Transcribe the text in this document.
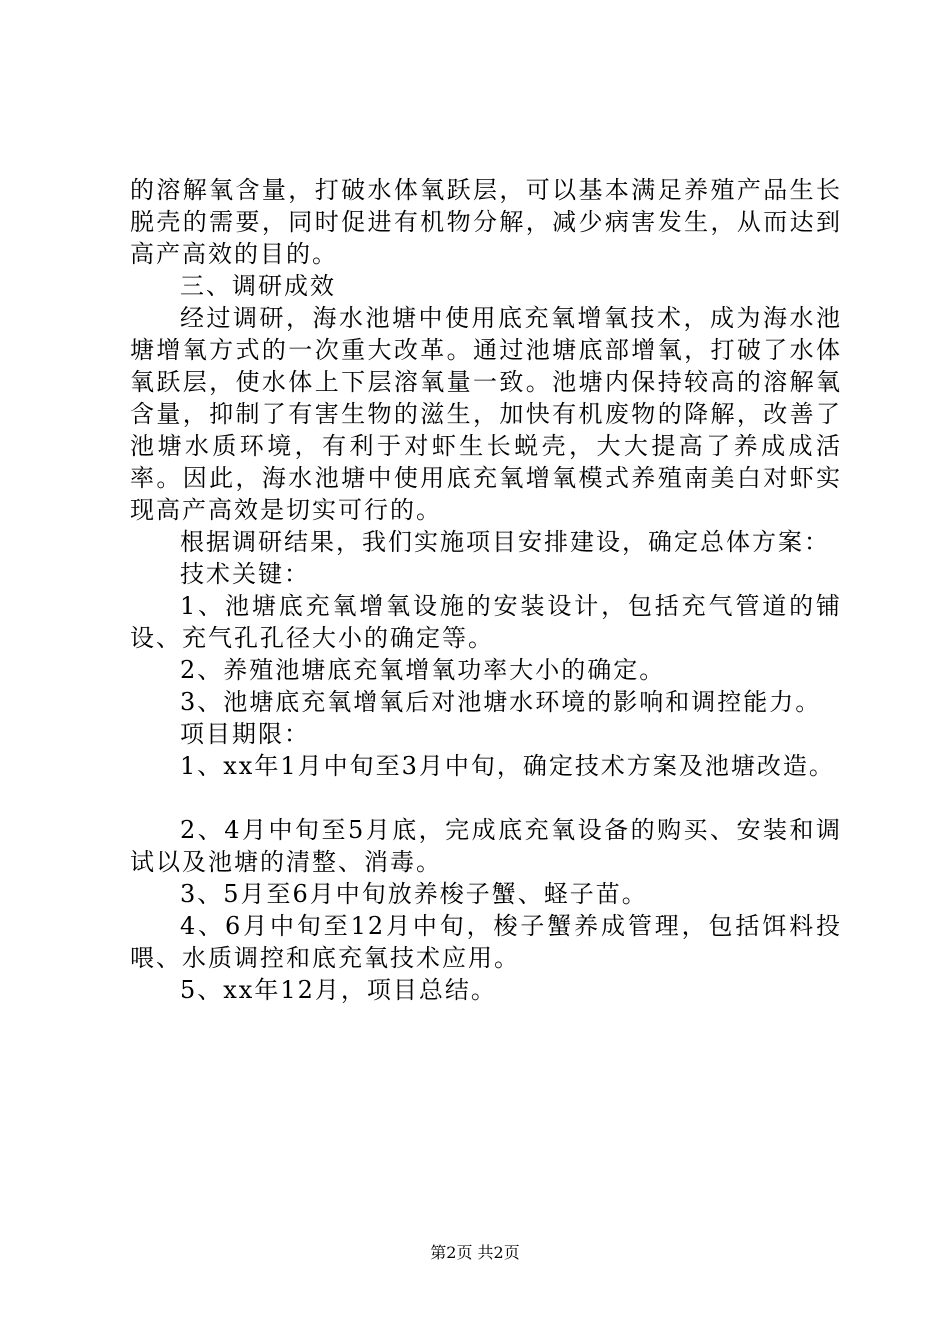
的溶解氧含量，打破水体氧跃层，可以基本满足养殖产品生长脱壳的需要，同时促进有机物分解，减少病害发生，从而达到高产高效的目的。

三、调研成效

经过调研，海水池塘中使用底充氧增氧技术，成为海水池塘增氧方式的一次重大改革。通过池塘底部增氧，打破了水体氧跃层，使水体上下层溶氧量一致。池塘内保持较高的溶解氧含量，抑制了有害生物的滋生，加快有机废物的降解，改善了池塘水质环境，有利于对虾生长蜕壳，大大提高了养成成活率。因此，海水池塘中使用底充氧增氧模式养殖南美白对虾实现高产高效是切实可行的。

根据调研结果，我们实施项目安排建设，确定总体方案：

技术关键：

1、池塘底充氧增氧设施的安装设计，包括充气管道的铺设、充气孔孔径大小的确定等。

2、养殖池塘底充氧增氧功率大小的确定。

3、池塘底充氧增氧后对池塘水环境的影响和调控能力。

项目期限：

1、xx年1月中旬至3月中旬，确定技术方案及池塘改造。

2、4月中旬至5月底，完成底充氧设备的购买、安装和调试以及池塘的清整、消毒。

3、5月至6月中旬放养梭子蟹、蛏子苗。

4、6月中旬至12月中旬，梭子蟹养成管理，包括饵料投喂、水质调控和底充氧技术应用。

5、xx年12月，项目总结。

第2页 共2页
